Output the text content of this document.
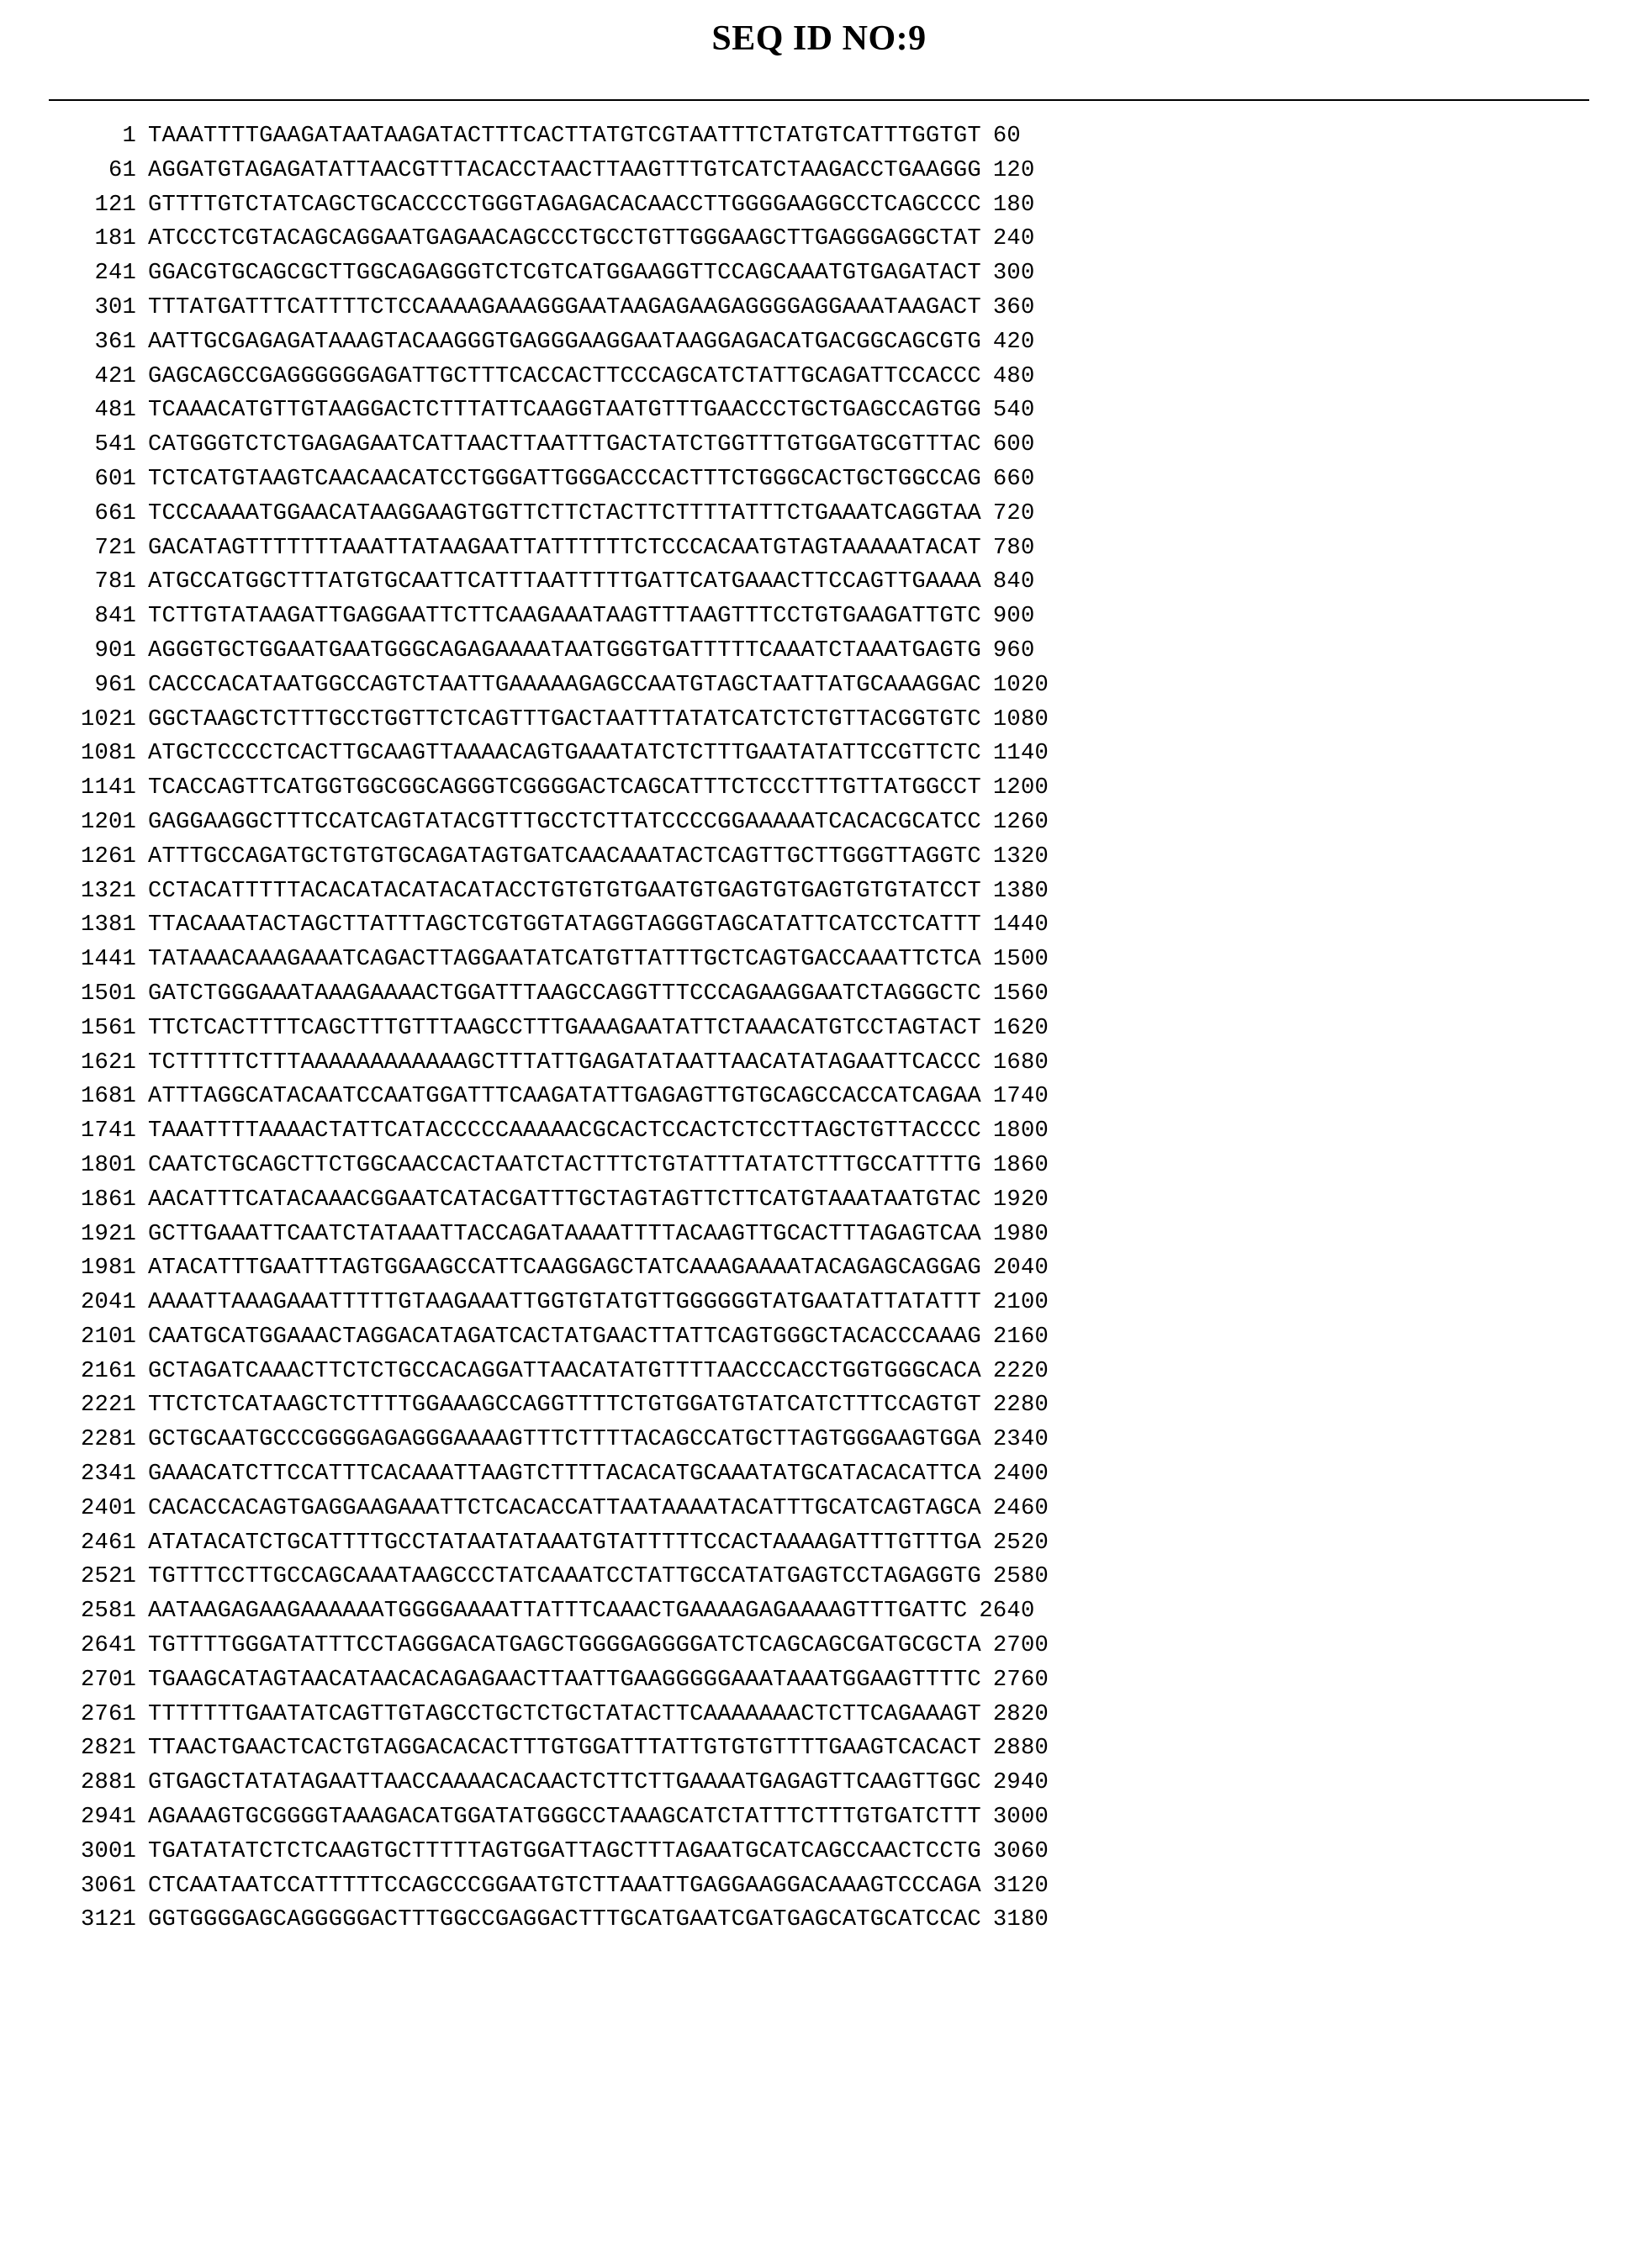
SEQ ID NO:9
1 TAAATTTTGAAGATAATAAGATACTTTCACTTATGTCGTAATTTCTATGTCATTTGGTGT 60
61 AGGATGTAGAGATATTAACGTTTACACCTAACTTAAGTTTGTCATCTAAGACCTGAAGGG 120
121 GTTTTGTCTATCAGCTGCACCCCTGGGTAGAGACACAACCTTGGGGAAGGCCTCAGCCCC 180
181 ATCCCTCGTACAGCAGGAATGAGAACAGCCCTGCCTGTTGGGAAGCTTGAGGGAGGCTAT 240
241 GGACGTGCAGCGCTTGGCAGAGGGTCTCGTCATGGAAGGTTCCAGCAAATGTGAGATACT 300
301 TTTATGATTTCATTTTCTCCAAAAGAAAGGGAATAAGAGAAGAGGGGAGGAAATAAGACT 360
361 AATTGCGAGAGATAAAGTACAAGGGTGAGGGAAGGAATAAGGAGACATGACGGCAGCGTG 420
421 GAGCAGCCGAGGGGGGAGATTGCTTTCACCACTTCCCAGCATCTATTGCAGATTCCACCC 480
481 TCAAACATGTTGTAAGGACTCTTTATTCAAGGTAATGTTTGAACCCTGCTGAGCCAGTGG 540
541 CATGGGTCTCTGAGAGAATCATTAACTTAATTTGACTATCTGGTTTGTGGATGCGTTTAC 600
601 TCTCATGTAAGTCAACAACATCCTGGGATTGGGACCCACTTTCTGGGCACTGCTGGCCAG 660
661 TCCCAAAATGGAACATAAGGAAGTGGTTCTTCTACTTCTTTTATTTCTGAAATCAGGTAA 720
721 GACATAGTTTTTTTAAATTATAAGAATTATTTTTTCTCCCACAATGTAGTAAAAATACAT 780
781 ATGCCATGGCTTTATGTGCAATTCATTTAATTTTTGATTCATGAAACTTCCAGTTGAAAA 840
841 TCTTGTATAAGATTGAGGAATTCTTCAAGAAATAAGTTTAAGTTTCCTGTGAAGATTGTC 900
901 AGGGTGCTGGAATGAATGGGCAGAGAAAATAATGGGTGATTTTTCAAATCTAAATGAGTG 960
961 CACCCACATAATGGCCAGTCTAATTGAAAAAGAGCCAATGTAGCTAATTATGCAAAGGAC 1020
1021 GGCTAAGCTCTTTGCCTGGTTCTCAGTTTGACTAATTTATATCATCTCTGTTACGGTGTC 1080
1081 ATGCTCCCCTCACTTGCAAGTTAAAACAGTGAAATATCTCTTTGAATATATTCCGTTCTC 1140
1141 TCACCAGTTCATGGTGGCGGCAGGGTCGGGGACTCAGCATTTCTCCCTTTGTTATGGCCT 1200
1201 GAGGAAGGCTTTCCATCAGTATACGTTTGCCTCTTATCCCCGGAAAAATCACACGCATCC 1260
1261 ATTTGCCAGATGCTGTGTGCAGATAGTGATCAACAAATACTCAGTTGCTTGGGTTAGGTC 1320
1321 CCTACATTTTTACACATACATACATACCTGTGTGTGAATGTGAGTGTGAGTGTGTATCCT 1380
1381 TTACAAATACTAGCTTATTTAGCTCGTGGTATAGGTAGGGTAGCATATTCATCCTCATTT 1440
1441 TATAAACAAAGAAATCAGACTTAGGAATATCATGTTATTTGCTCAGTGACCAAATTCTCA 1500
1501 GATCTGGGAAATAAAGAAAACTGGATTTAAGCCAGGTTTCCCAGAAGGAATCTAGGGCTC 1560
1561 TTCTCACTTTTCAGCTTTGTTTAAGCCTTTGAAAGAATATTCTAAACATGTCCTAGTACT 1620
1621 TCTTTTTCTTTAAAAAAAAAAAAGCTTTATTGAGATATAATTAACATATAGAATTCACCC 1680
1681 ATTTAGGCATACAATCCAATGGATTTCAAGATATTGAGAGTTGTGCAGCCACCATCAGAA 1740
1741 TAAATTTTAAAACTATTCATACCCCCAAAAACGCACTCCACTCTCCTTAGCTGTTACCCC 1800
1801 CAATCTGCAGCTTCTGGCAACCACTAATCTACTTTCTGTATTTATATCTTTGCCATTTTG 1860
1861 AACATTTCATACAAACGGAATCATACGATTTGCTAGTAGTTCTTCATGTAAATAATGTAC 1920
1921 GCTTGAAATTCAATCTATAAATTACCAGATAAAATTTTACAAGTTGCACTTTAGAGTCAA 1980
1981 ATACATTTGAATTTAGTGGAAGCCATTCAAGGAGCTATCAAAGAAAATACAGAGCAGGAG 2040
2041 AAAATTAAAGAAATTTTTGTAAGAAATTGGTGTATGTTGGGGGGTATGAATATTATATTT 2100
2101 CAATGCATGGAAACTAGGACATAGATCACTATGAACTTATTCAGTGGGCTACACCCAAAG 2160
2161 GCTAGATCAAACTTCTCTGCCACAGGATTAACATATGTTTTAACCCACCTGGTGGGCACA 2220
2221 TTCTCTCATAAGCTCTTTTGGAAAGCCAGGTTTTCTGTGGATGTATCATCTTTCCAGTGT 2280
2281 GCTGCAATGCCCGGGGAGAGGGAAAAGTTTCTTTTACAGCCATGCTTAGTGGGAAGTGGA 2340
2341 GAAACATCTTCCATTTCACAAATTAAGTCTTTTACACATGCAAATATGCATACACATTCA 2400
2401 CACACCACAGTGAGGAAGAAATTCTCACACCATTAATAAAATACATTTGCATCAGTAGCA 2460
2461 ATATACATCTGCATTTTGCCTATAATATAAATGTATTTTTCCACTAAAAGATTTGTTTGA 2520
2521 TGTTTCCTTGCCAGCAAATAAGCCCTATCAAATCCTATTGCCATATGAGTCCTAGAGGTG 2580
2581 AATAAGAGAAGAAAAAATGGGGAAAATTATTTCAAACTGAAAAGAGAAAAGTTTGATTC 2640
2641 TGTTTTGGGATATTTCCTAGGGACATGAGCTGGGGAGGGGATCTCAGCAGCGATGCGCTA 2700
2701 TGAAGCATAGTAACATAACACAGAGAACTTAATTGAAGGGGGAAATAAATGGAAGTTTTC 2760
2761 TTTTTTTGAATATCAGTTGTAGCCTGCTCTGCTATACTTCAAAAAAACTCTTCAGAAAGT 2820
2821 TTAACTGAACTCACTGTAGGACACACTTTGTGGATTTATTGTGTGTTTTGAAGTCACACT 2880
2881 GTGAGCTATATAGAATTAACCAAAACACAACTCTTCTTGAAAATGAGAGTTCAAGTTGGC 2940
2941 AGAAAGTGCGGGGTAAAGACATGGATATGGGCCTAAAGCATCTATTTCTTTGTGATCTTT 3000
3001 TGATATATCTCTCAAGTGCTTTTTAGTGGATTAGCTTTAGAATGCATCAGCCAACTCCTG 3060
3061 CTCAATAATCCATTTTTCCAGCCCGGAATGTCTTAAATTGAGGAAGGACAAAGTCCCAGA 3120
3121 GGTGGGGAGCAGGGGGACTTTGGCCGAGGACTTTGCATGAATCGATGAGCATGCATCCAC 3180
